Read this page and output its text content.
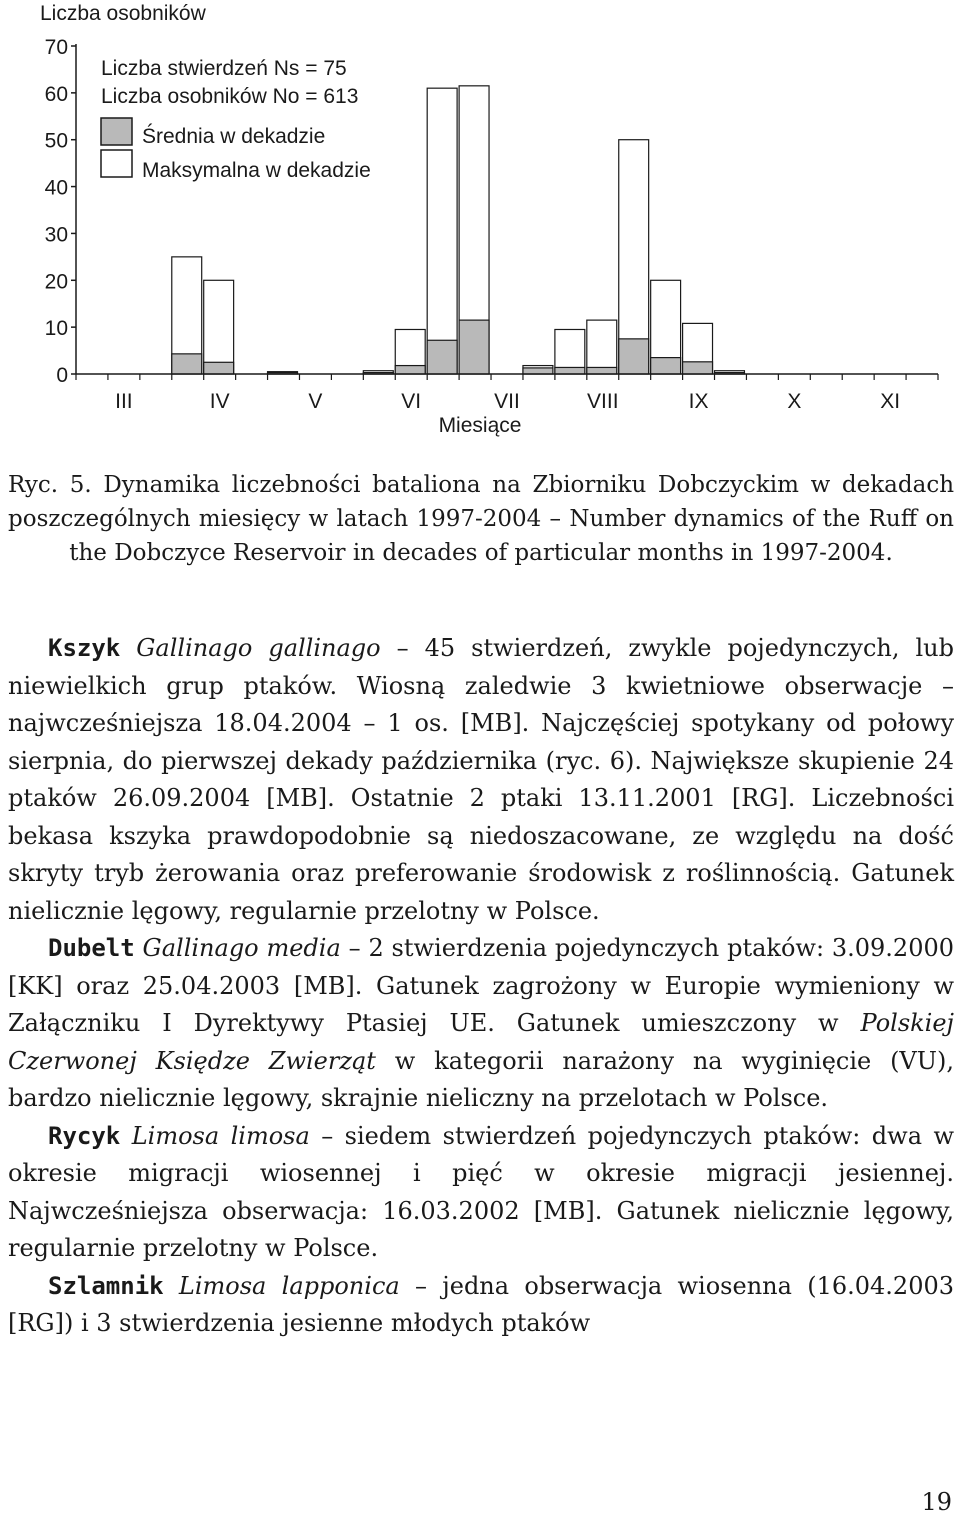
Liczba osobników
0
10
20
30
40
50
60
70
III	IV	V	VI	VII	VIII	IX	X	XI
Liczba stwierdzeń Ns = 75
Liczba osobników No = 613
Średnia w dekadzie
Maksymalna w dekadzie
Miesiące

Ryc. 5. Dynamika liczebności bataliona na Zbiorniku Dobczyckim w dekadach poszczególnych miesięcy w latach 1997-2004 – Number dynamics of the Ruff on the Dobczyce Reservoir in decades of particular months in 1997-2004.

Kszyk Gallinago gallinago – 45 stwierdzeń, zwykle pojedynczych, lub niewielkich grup ptaków. Wiosną zaledwie 3 kwietniowe obserwacje – najwcześniejsza 18.04.2004 – 1 os. [MB]. Najczęściej spotykany od połowy sierpnia, do pierwszej dekady października (ryc. 6). Największe skupienie 24 ptaków 26.09.2004 [MB]. Ostatnie 2 ptaki 13.11.2001 [RG]. Liczebności bekasa kszyka prawdopodobnie są niedoszacowane, ze względu na dość skryty tryb żerowania oraz preferowanie środowisk z roślinnością. Gatunek nielicznie lęgowy, regularnie przelotny w Polsce.

Dubelt Gallinago media – 2 stwierdzenia pojedynczych ptaków: 3.09.2000 [KK] oraz 25.04.2003 [MB]. Gatunek zagrożony w Europie wymieniony w Załączniku I Dyrektywy Ptasiej UE. Gatunek umieszczony w Polskiej Czerwonej Księdze Zwierząt w kategorii narażony na wyginięcie (VU), bardzo nielicznie lęgowy, skrajnie nieliczny na przelotach w Polsce.

Rycyk Limosa limosa – siedem stwierdzeń pojedynczych ptaków: dwa w okresie migracji wiosennej i pięć w okresie migracji jesiennej. Najwcześniejsza obserwacja: 16.03.2002 [MB]. Gatunek nielicznie lęgowy, regularnie przelotny w Polsce.

Szlamnik Limosa lapponica – jedna obserwacja wiosenna (16.04.2003 [RG]) i 3 stwierdzenia jesienne młodych ptaków

19
